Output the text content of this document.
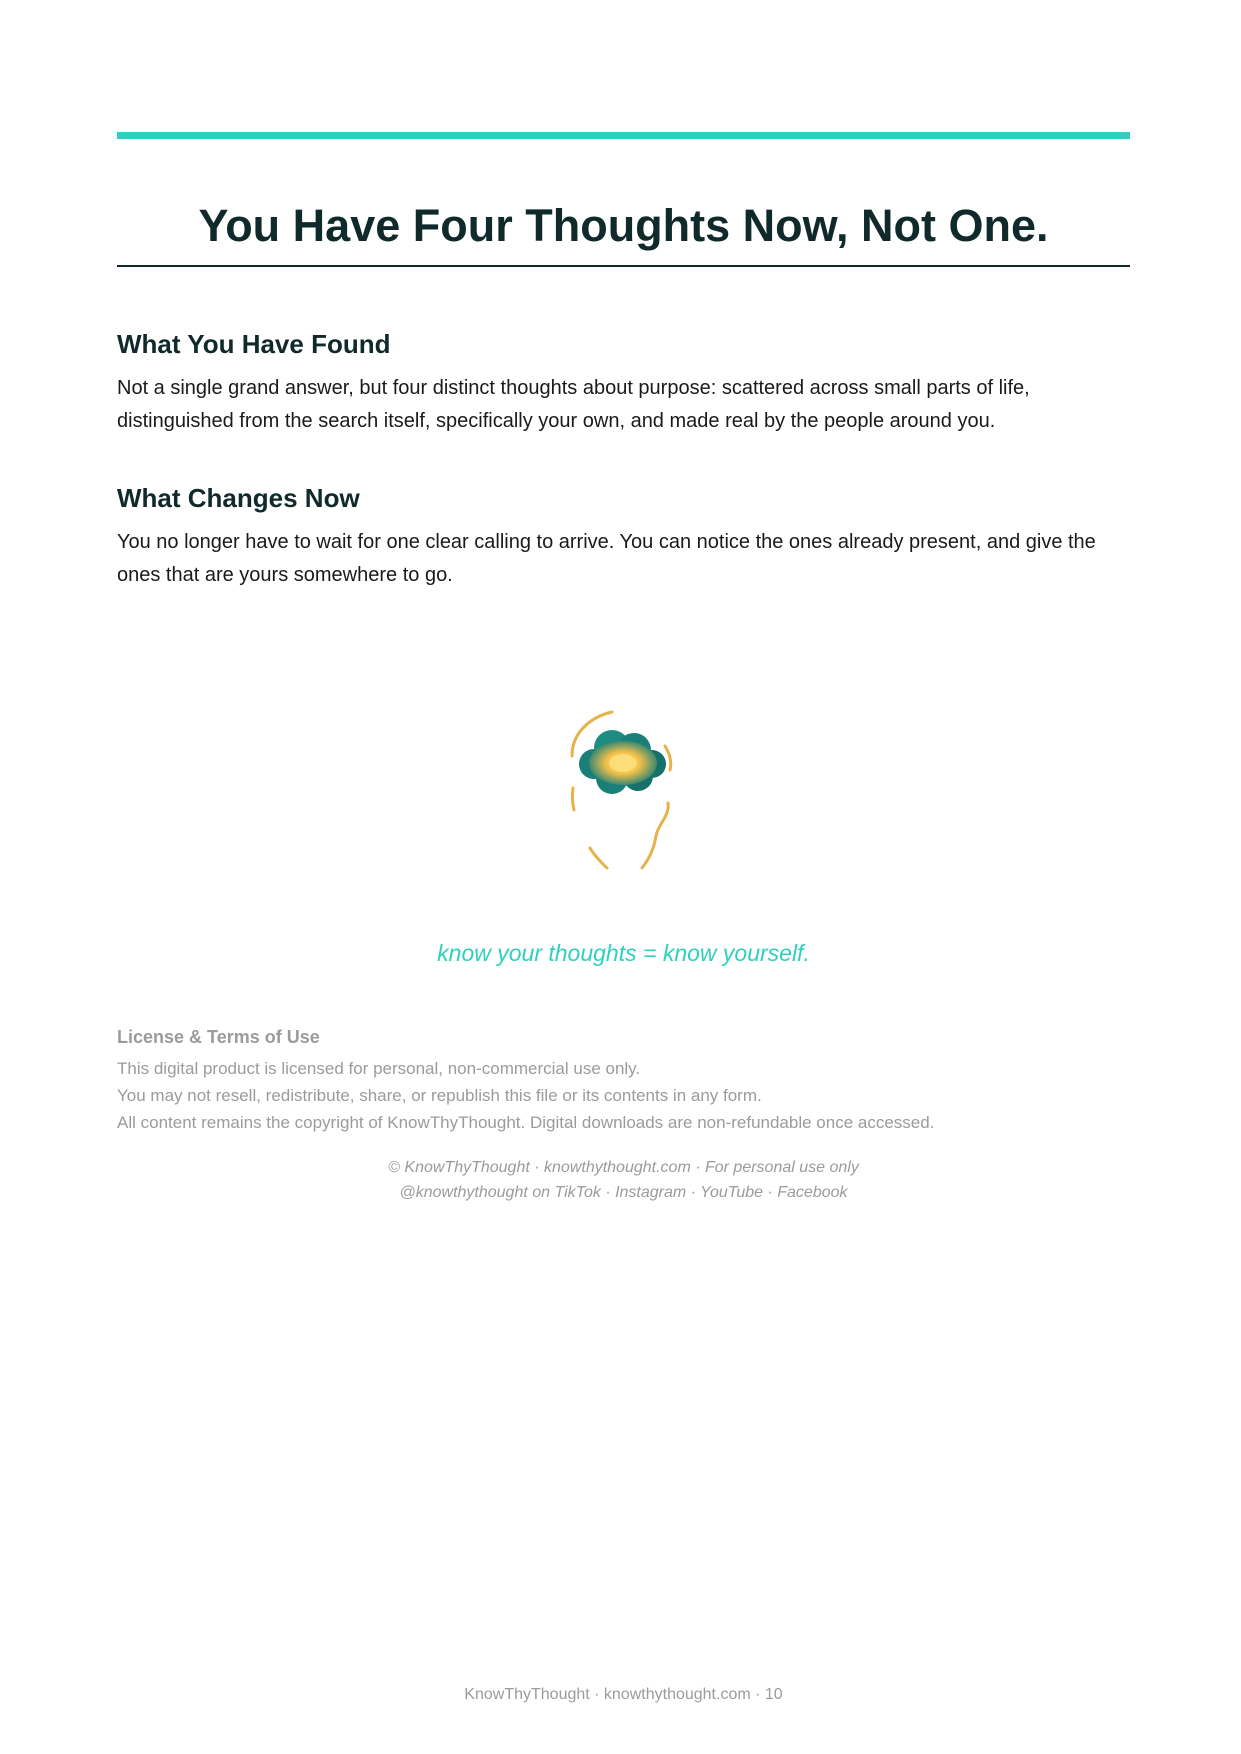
You Have Four Thoughts Now, Not One.
What You Have Found

Not a single grand answer, but four distinct thoughts about purpose: scattered across small parts of life, distinguished from the search itself, specifically your own, and made real by the people around you.

What Changes Now

You no longer have to wait for one clear calling to arrive. You can notice the ones already present, and give the ones that are yours somewhere to go.

know your thoughts = know yourself.

License & Terms of Use

This digital product is licensed for personal, non-commercial use only.

You may not resell, redistribute, share, or republish this file or its contents in any form.

All content remains the copyright of KnowThyThought. Digital downloads are non-refundable once accessed.

© KnowThyThought · knowthythought.com · For personal use only

@knowthythought on TikTok · Instagram · YouTube · Facebook

KnowThyThought · knowthythought.com · 10
